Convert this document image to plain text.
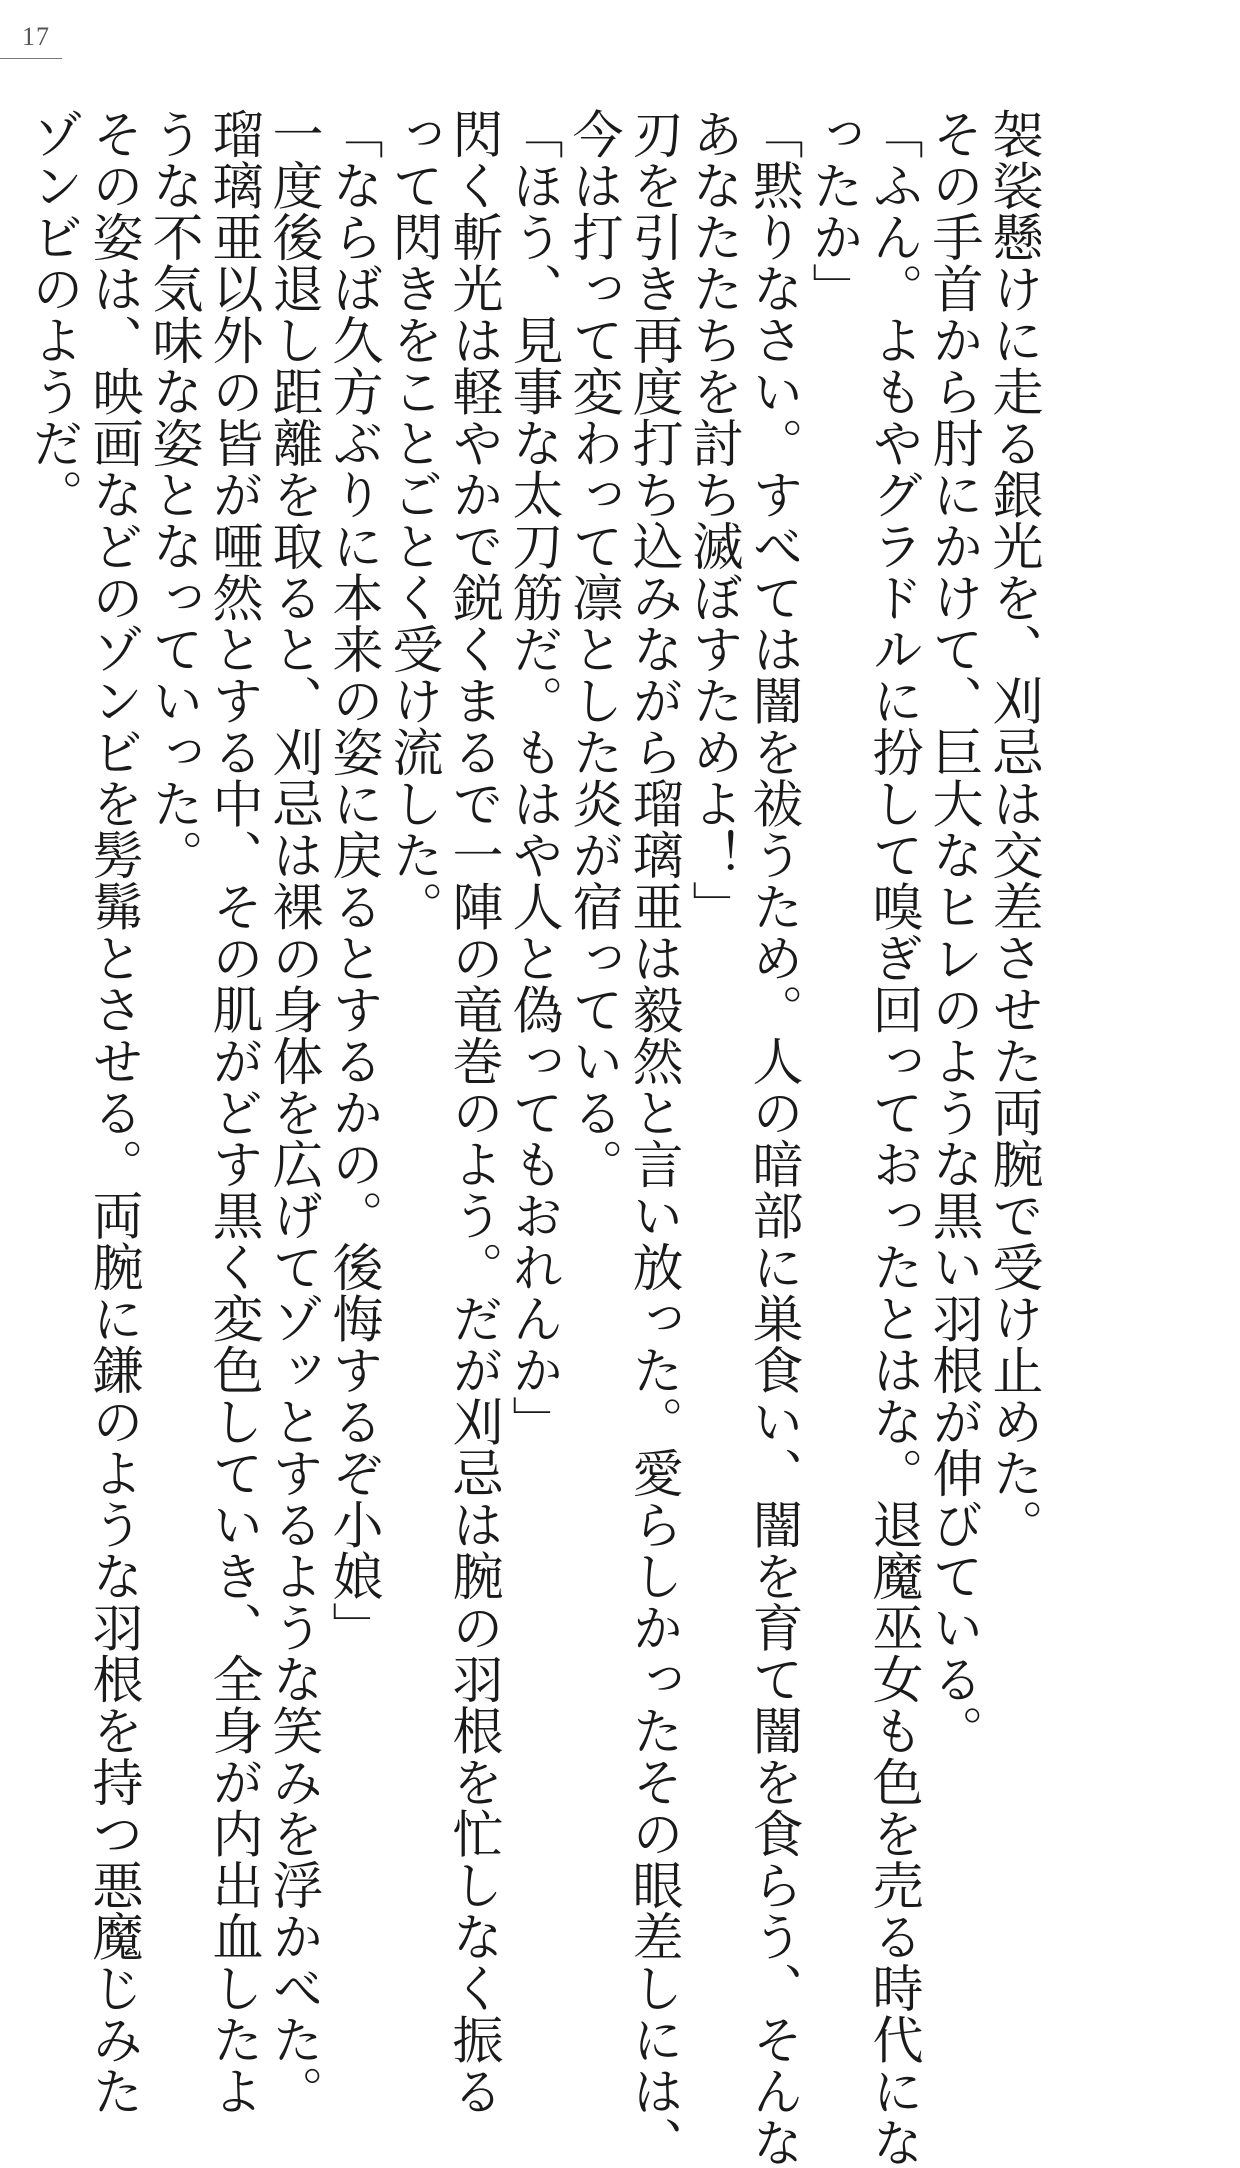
17
袈裟懸けに走る銀光を、刈忌は交差させた両腕で受け止めた。
その手首から肘にかけて、巨大なヒレのような黒い羽根が伸びている。
「ふん。よもやグラドルに扮して嗅ぎ回っておったとはな。退魔巫女も色を売る時代にな
ったか」
「黙りなさい。すべては闇を祓うため。人の暗部に巣食い、闇を育て闇を食らう、そんな
あなたたちを討ち滅ぼすためよ！」
刃を引き再度打ち込みながら瑠璃亜は毅然と言い放った。愛らしかったその眼差しには、
今は打って変わって凛とした炎が宿っている。
「ほう、見事な太刀筋だ。もはや人と偽ってもおれんか」
閃く斬光は軽やかで鋭くまるで一陣の竜巻のよう。だが刈忌は腕の羽根を忙しなく振る
って閃きをことごとく受け流した。
「ならば久方ぶりに本来の姿に戻るとするかの。後悔するぞ小娘」
一度後退し距離を取ると、刈忌は裸の身体を広げてゾッとするような笑みを浮かべた。
瑠璃亜以外の皆が唖然とする中、その肌がどす黒く変色していき、全身が内出血したよ
うな不気味な姿となっていった。
その姿は、映画などのゾンビを髣髴とさせる。両腕に鎌のような羽根を持つ悪魔じみた
ゾンビのようだ。
